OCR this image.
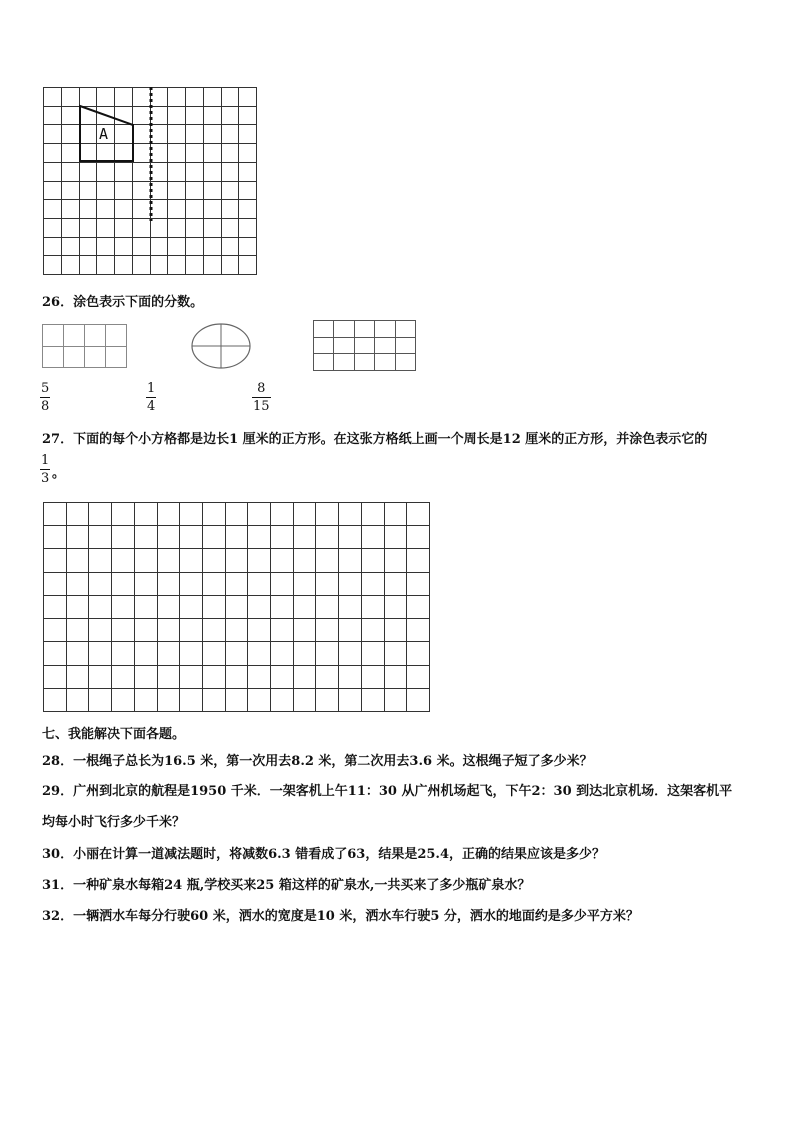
A
26．涂色表示下面的分数。
5
8
1
4
8
15
27．下面的每个小方格都是边长1 厘米的正方形。在这张方格纸上画一个周长是12 厘米的正方形，并涂色表示它的
1
3 。
七、我能解决下面各题。
28．一根绳子总长为16.5 米，第一次用去8.2 米，第二次用去3.6 米。这根绳子短了多少米？
29．广州到北京的航程是1950 千米．一架客机上午11：30 从广州机场起飞，下午2：30 到达北京机场．这架客机平
均每小时飞行多少千米？
30．小丽在计算一道减法题时，将减数6.3 错看成了63，结果是25.4，正确的结果应该是多少？
31．一种矿泉水每箱24 瓶,学校买来25 箱这样的矿泉水,一共买来了多少瓶矿泉水？
32．一辆洒水车每分行驶60 米，洒水的宽度是10 米，洒水车行驶5 分，洒水的地面约是多少平方米？
